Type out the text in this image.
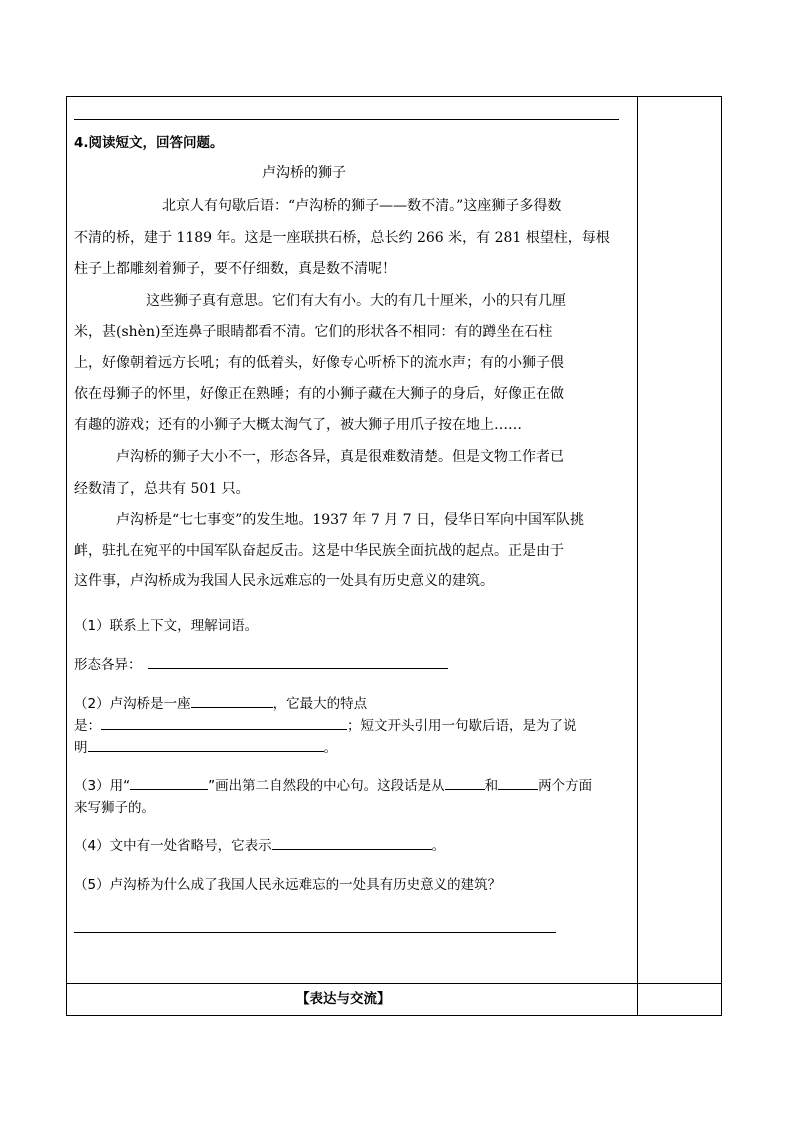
4.阅读短文，回答问题。
卢沟桥的狮子
北京人有句歇后语：“卢沟桥的狮子——数不清。”这座狮子多得数
不清的桥，建于 1189 年。这是一座联拱石桥，总长约 266 米，有 281 根望柱，每根
柱子上都雕刻着狮子，要不仔细数，真是数不清呢！
这些狮子真有意思。它们有大有小。大的有几十厘米，小的只有几厘
米，甚(shèn)至连鼻子眼睛都看不清。它们的形状各不相同：有的蹲坐在石柱
上，好像朝着远方长吼；有的低着头，好像专心听桥下的流水声；有的小狮子偎
依在母狮子的怀里，好像正在熟睡；有的小狮子藏在大狮子的身后，好像正在做
有趣的游戏；还有的小狮子大概太淘气了，被大狮子用爪子按在地上……
卢沟桥的狮子大小不一，形态各异，真是很难数清楚。但是文物工作者已
经数清了，总共有 501 只。
卢沟桥是“七七事变”的发生地。1937 年 7 月 7 日，侵华日军向中国军队挑
衅，驻扎在宛平的中国军队奋起反击。这是中华民族全面抗战的起点。正是由于
这件事，卢沟桥成为我国人民永远难忘的一处具有历史意义的建筑。
（1）联系上下文，理解词语。
形态各异：
（2）卢沟桥是一座	，它最大的特点
是：	；短文开头引用一句歇后语，是为了说
明	。
（3）用“	”画出第二自然段的中心句。这段话是从	和	两个方面
来写狮子的。
（4）文中有一处省略号，它表示	。
（5）卢沟桥为什么成了我国人民永远难忘的一处具有历史意义的建筑？
【表达与交流】
